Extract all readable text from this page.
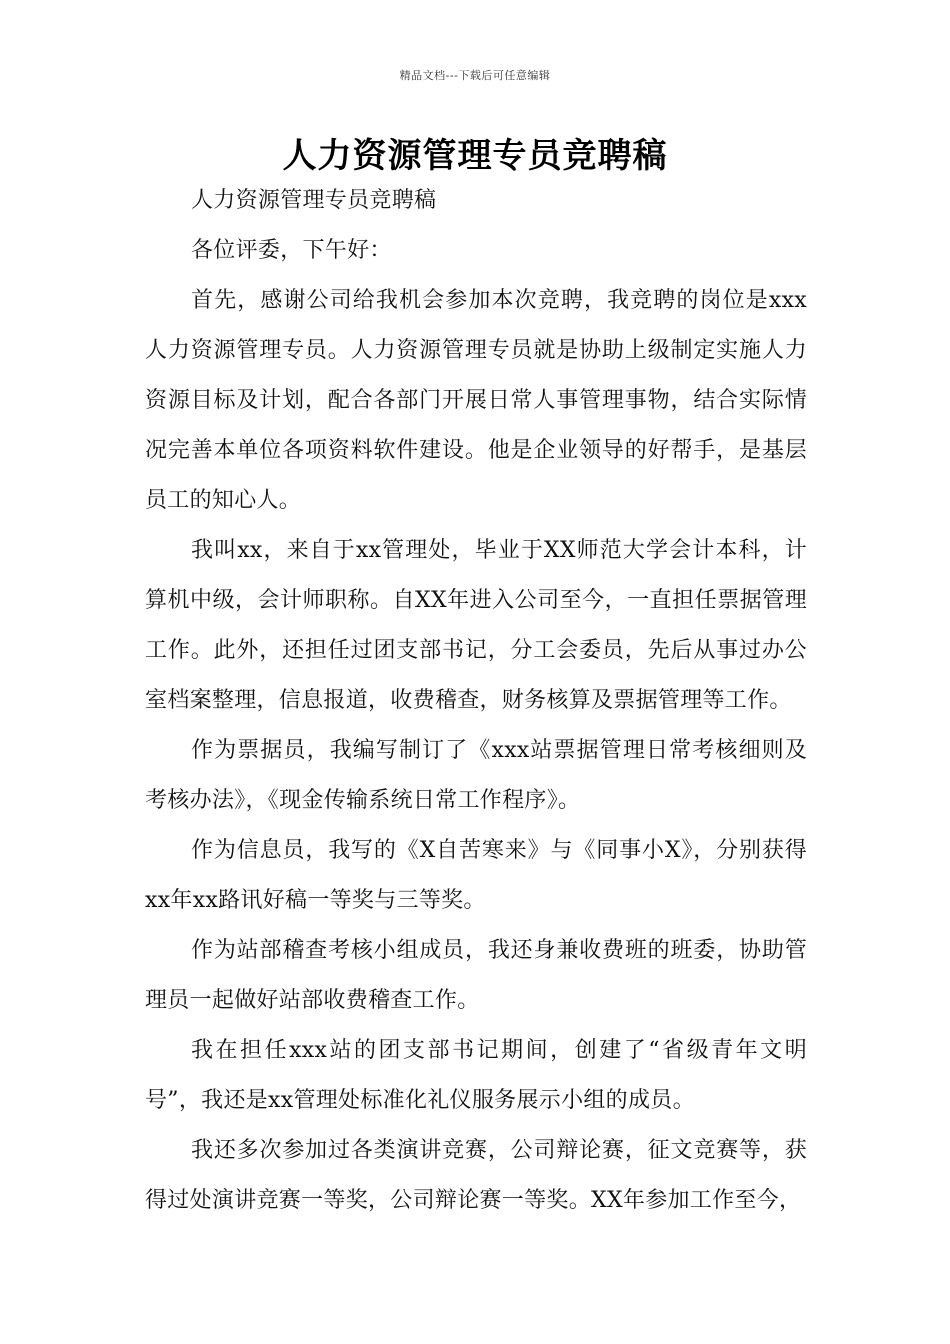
精品文档---下载后可任意编辑
人力资源管理专员竞聘稿

人力资源管理专员竞聘稿

各位评委，下午好：

首先，感谢公司给我机会参加本次竞聘，我竞聘的岗位是xxx人力资源管理专员。人力资源管理专员就是协助上级制定实施人力资源目标及计划，配合各部门开展日常人事管理事物，结合实际情况完善本单位各项资料软件建设。他是企业领导的好帮手，是基层员工的知心人。

我叫xx，来自于xx管理处，毕业于XX师范大学会计本科，计算机中级，会计师职称。自XX年进入公司至今，一直担任票据管理工作。此外，还担任过团支部书记，分工会委员，先后从事过办公室档案整理，信息报道，收费稽查，财务核算及票据管理等工作。

作为票据员，我编写制订了《xxx站票据管理日常考核细则及考核办法》，《现金传输系统日常工作程序》。

作为信息员，我写的《X自苦寒来》与《同事小X》，分别获得xx年xx路讯好稿一等奖与三等奖。

作为站部稽查考核小组成员，我还身兼收费班的班委，协助管理员一起做好站部收费稽查工作。

我在担任xxx站的团支部书记期间，创建了“省级青年文明号”，我还是xx管理处标准化礼仪服务展示小组的成员。

我还多次参加过各类演讲竞赛，公司辩论赛，征文竞赛等，获得过处演讲竞赛一等奖，公司辩论赛一等奖。XX年参加工作至今，
